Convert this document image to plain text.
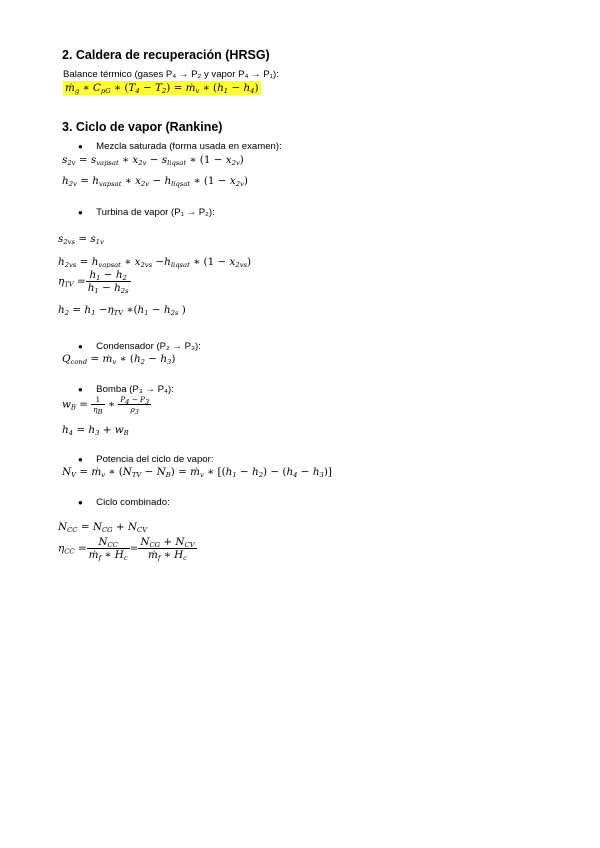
2. Caldera de recuperación (HRSG)
Balance térmico (gases P₄ → P₂ y vapor P₄ → P₁):
ṁ$_g$ ∗ $C_{pG}$ ∗ $(T_4 - T_2)$ = ṁ$_v$ ∗ $(h_1 - h_4)$
3. Ciclo de vapor (Rankine)
● Mezcla saturada (forma usada en examen):
$s_{2v} = s_{vapsat}$ ∗ $x_{2v} - s_{liqsat}$ ∗ $(1 - x_{2v})$
$h_{2v} = h_{vapsat}$ ∗ $x_{2v} - h_{liqsat}$ ∗ $(1 - x_{2v})$
● Turbina de vapor (P₁ → P₂):
$s_{2vs} = s_{1v}$
$h_{2vs} = h_{vapsat}$ ∗ $x_{2vs} -h_{liqsat}$ ∗ $(1 - x_{2vs})$
$\eta_{TV} = \frac{h_1 - h_2}{h_1 - h_{2s}}$
$h_2 = h_1 -\eta_{TV}$ $∗(h_1 - h_{2s}$ )
● Condensador (P₂ → P₃):
$Q_{cond}$ = ṁ$_v$ ∗ $(h_2 - h_3)$
● Bomba (P₃ → P₄):
$w_B = \frac{1}{\eta_B}$ ∗ $\frac{P_4 - P_3}{\rho_3}$
$h_4 = h_3 + w_B$
● Potencia del ciclo de vapor:
$N_V$ = ṁ$_v$ ∗ $(N_{TV} - N_B)$ = ṁ$_v$ ∗ $[(h_1 - h_2) - (h_4 - h_3)]$
● Ciclo combinado:
$N_{CC} = N_{CG} + N_{CV}$
$\eta_{CC} = \frac{N_{CC}}{ṁ_f ∗ H_c} = \frac{N_{CG} + N_{CV}}{ṁ_f ∗ H_c}$
